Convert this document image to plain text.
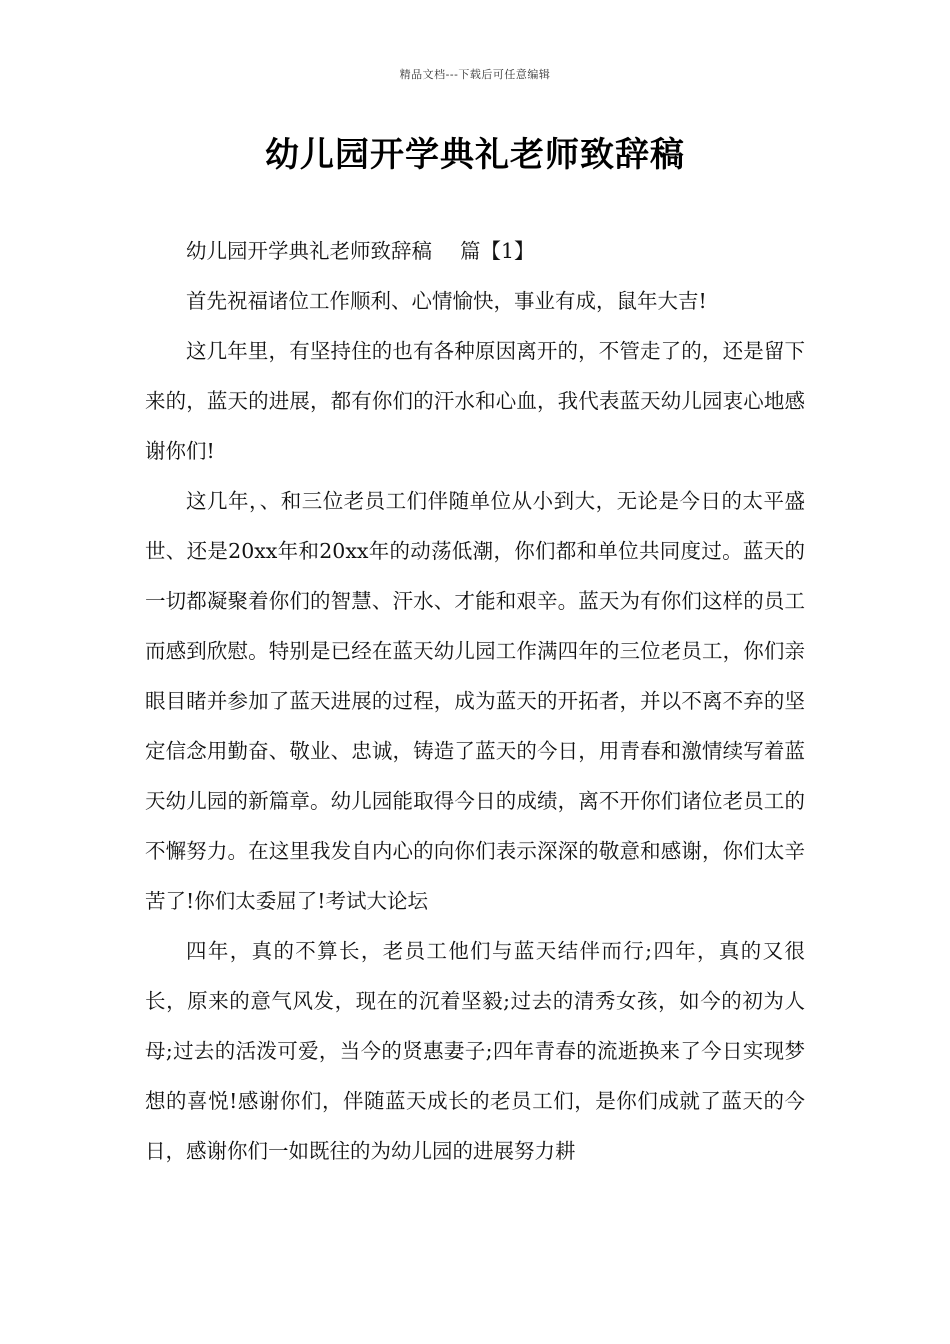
精品文档---下载后可任意编辑
幼儿园开学典礼老师致辞稿

幼儿园开学典礼老师致辞稿 篇【1】

首先祝福诸位工作顺利、心情愉快，事业有成，鼠年大吉!

这几年里，有坚持住的也有各种原因离开的，不管走了的，还是留下来的，蓝天的进展，都有你们的汗水和心血，我代表蓝天幼儿园衷心地感谢你们!

这几年，、和三位老员工们伴随单位从小到大，无论是今日的太平盛世、还是20xx年和20xx年的动荡低潮，你们都和单位共同度过。蓝天的一切都凝聚着你们的智慧、汗水、才能和艰辛。蓝天为有你们这样的员工而感到欣慰。特别是已经在蓝天幼儿园工作满四年的三位老员工，你们亲眼目睹并参加了蓝天进展的过程，成为蓝天的开拓者，并以不离不弃的坚定信念用勤奋、敬业、忠诚，铸造了蓝天的今日，用青春和激情续写着蓝天幼儿园的新篇章。幼儿园能取得今日的成绩，离不开你们诸位老员工的不懈努力。在这里我发自内心的向你们表示深深的敬意和感谢，你们太辛苦了!你们太委屈了!考试大论坛

四年，真的不算长，老员工他们与蓝天结伴而行;四年，真的又很长，原来的意气风发，现在的沉着坚毅;过去的清秀女孩，如今的初为人母;过去的活泼可爱，当今的贤惠妻子;四年青春的流逝换来了今日实现梦想的喜悦!感谢你们，伴随蓝天成长的老员工们，是你们成就了蓝天的今日，感谢你们一如既往的为幼儿园的进展努力耕
